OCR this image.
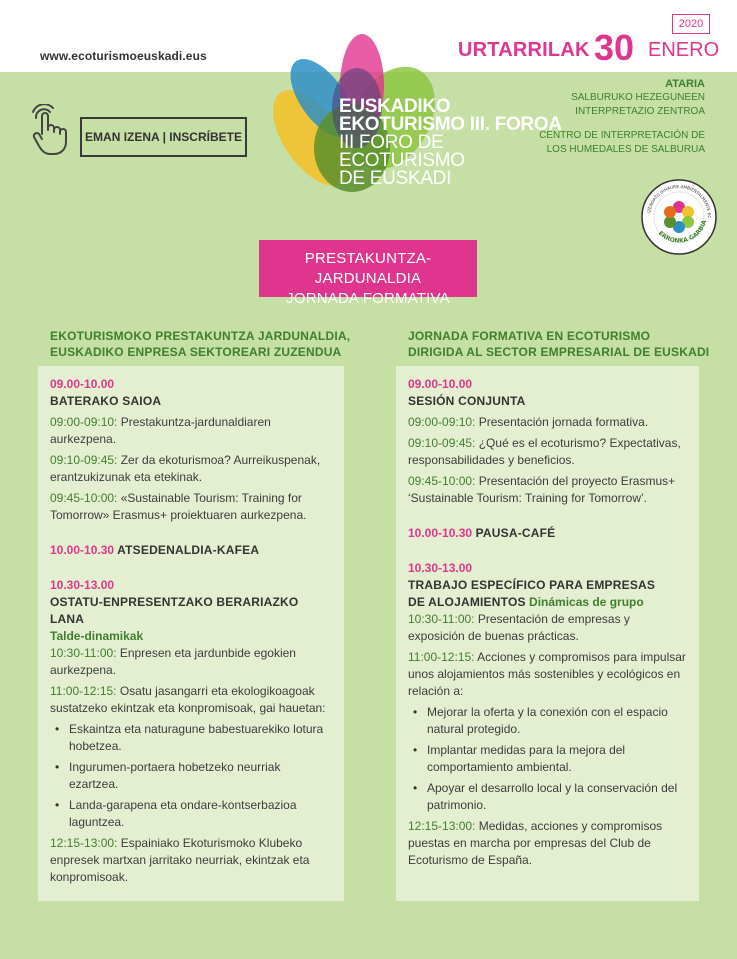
www.ecoturismoeuskadi.eus
2020
URTARRILAK 30 ENERO
ATARIA
SALBURUKO HEZEGUNEEN
INTERPRETAZIO ZENTROA
CENTRO DE INTERPRETACIÓN DE
LOS HUMEDALES DE SALBURUA
EMAN IZENA | INSCRÍBETE
EUSKADIKO
EKOTURISMO III. FOROA
III FORO DE ECOTURISMO
DE EUSKADI
IZENDATU GIHAURE AMBIENTALMENTE EC
ERRONKA GARBIA
PRESTAKUNTZA-JARDUNALDIA
JORNADA FORMATIVA
EKOTURISMOKO PRESTAKUNTZA JARDUNALDIA,
EUSKADIKO ENPRESA SEKTOREARI ZUZENDUA
JORNADA FORMATIVA EN ECOTURISMO
DIRIGIDA AL SECTOR EMPRESARIAL DE EUSKADI
09.00-10.00
BATERAKO SAIOA
09:00-09:10: Prestakuntza-jardunaldiaren aurkezpena.
09:10-09:45: Zer da ekoturismoa? Aurreikuspenak, erantzukizunak eta etekinak.
09:45-10:00: «Sustainable Tourism: Training for Tomorrow» Erasmus+ proiektuaren aurkezpena.
10.00-10.30 ATSEDENALDIA-KAFEA
10.30-13.00
OSTATU-ENPRESENTZAKO BERARIAZKO LANA
Talde-dinamikak
10:30-11:00: Enpresen eta jardunbide egokien aurkezpena.
11:00-12:15: Osatu jasangarri eta ekologikoagoak sustatzeko ekintzak eta konpromisoak, gai hauetan:
• Eskaintza eta naturagune babestuarekiko lotura hobetzea.
• Ingurumen-portaera hobetzeko neurriak ezartzea.
• Landa-garapena eta ondare-kontserbazioa laguntzea.
12:15-13:00: Espainiako Ekoturismoko Klubeko enpresek martxan jarritako neurriak, ekintzak eta konpromisoak.
09.00-10.00
SESIÓN CONJUNTA
09:00-09:10: Presentación jornada formativa.
09:10-09:45: ¿Qué es el ecoturismo? Expectativas, responsabilidades y beneficios.
09:45-10:00: Presentación del proyecto Erasmus+ ‘Sustainable Tourism: Training for Tomorrow’.
10.00-10.30 PAUSA-CAFÉ
10.30-13.00
TRABAJO ESPECÍFICO PARA EMPRESAS
DE ALOJAMIENTOS Dinámicas de grupo
10:30-11:00: Presentación de empresas y exposición de buenas prácticas.
11:00-12:15: Acciones y compromisos para impulsar unos alojamientos más sostenibles y ecológicos en relación a:
• Mejorar la oferta y la conexión con el espacio natural protegido.
• Implantar medidas para la mejora del comportamiento ambiental.
• Apoyar el desarrollo local y la conservación del patrimonio.
12:15-13:00: Medidas, acciones y compromisos puestas en marcha por empresas del Club de Ecoturismo de España.
